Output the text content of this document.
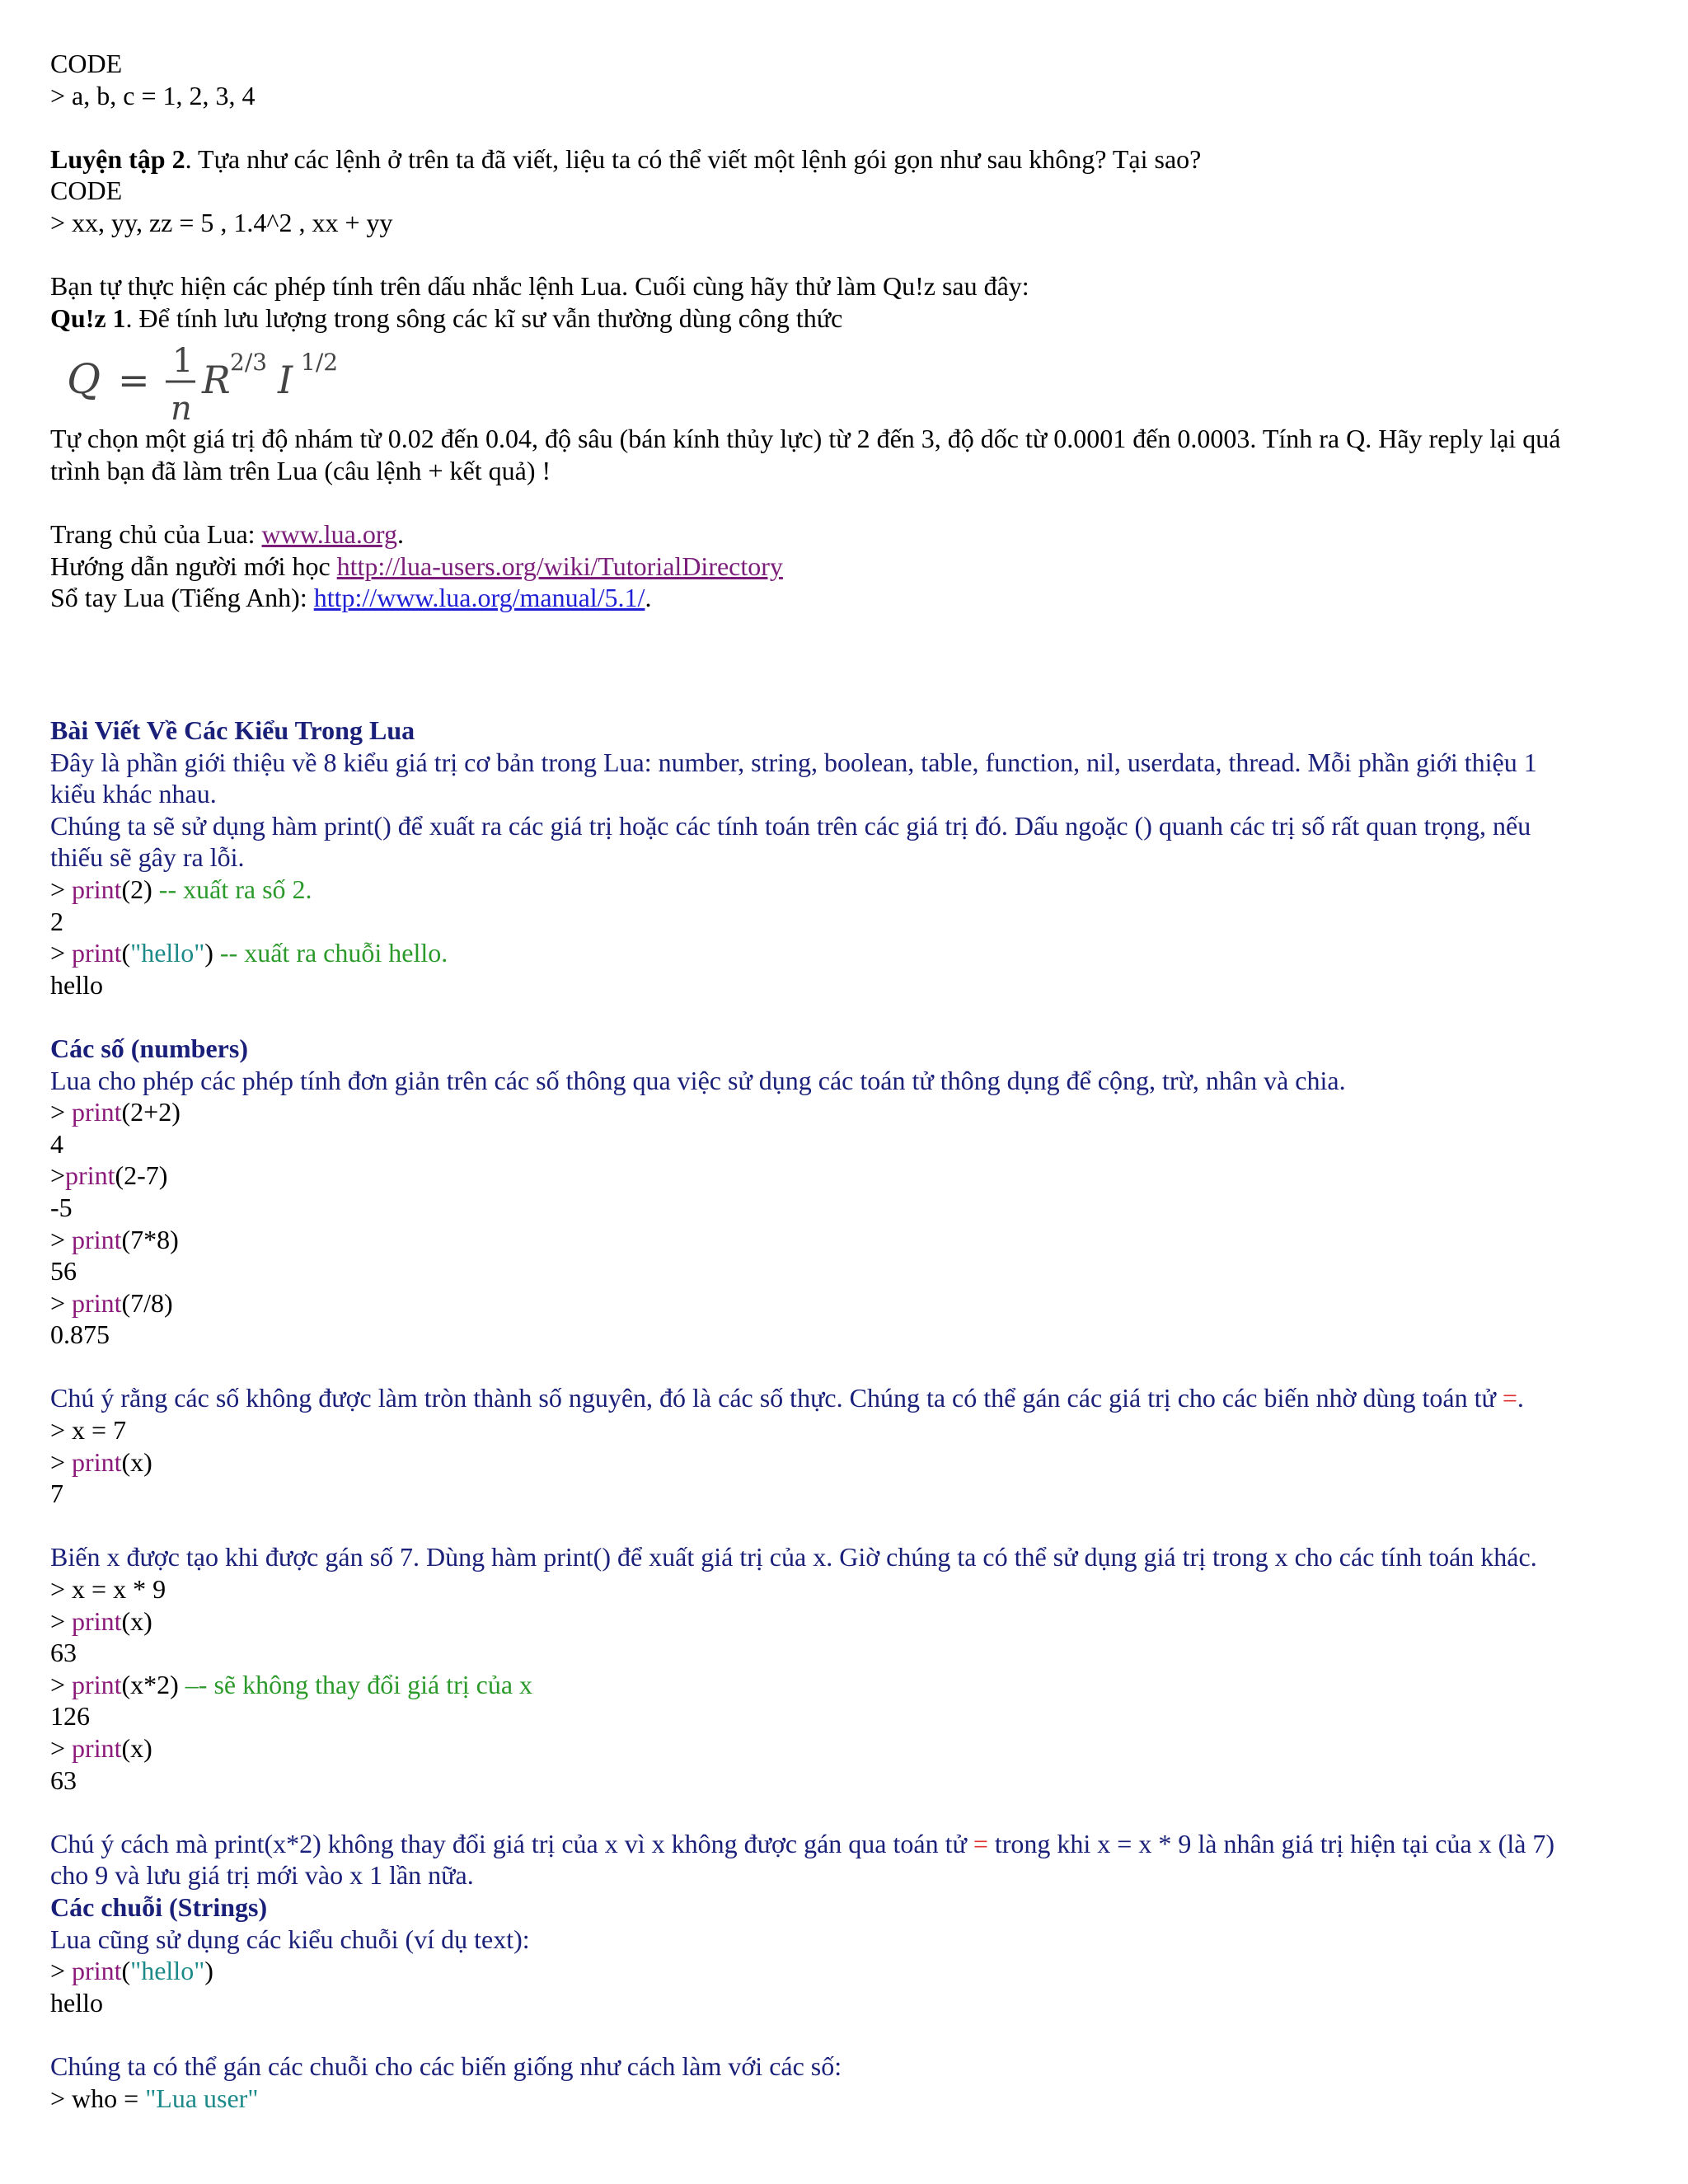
CODE
> a, b, c = 1, 2, 3, 4
Luyện tập 2. Tựa như các lệnh ở trên ta đã viết, liệu ta có thể viết một lệnh gói gọn như sau không? Tại sao?
CODE
> xx, yy, zz = 5 , 1.4^2 , xx + yy
Bạn tự thực hiện các phép tính trên dấu nhắc lệnh Lua. Cuối cùng hãy thử làm Qu!z sau đây:
Qu!z 1. Để tính lưu lượng trong sông các kĩ sư vẫn thường dùng công thức
Q = 1
n
R 2/3 I 1/2
Tự chọn một giá trị độ nhám từ 0.02 đến 0.04, độ sâu (bán kính thủy lực) từ 2 đến 3, độ dốc từ 0.0001 đến 0.0003. Tính ra Q. Hãy reply lại quá
trình bạn đã làm trên Lua (câu lệnh + kết quả) !
Trang chủ của Lua: www.lua.org.
Hướng dẫn người mới học http://lua-users.org/wiki/TutorialDirectory
Sổ tay Lua (Tiếng Anh): http://www.lua.org/manual/5.1/.
Bài Viết Về Các Kiểu Trong Lua
Đây là phần giới thiệu về 8 kiểu giá trị cơ bản trong Lua: number, string, boolean, table, function, nil, userdata, thread. Mỗi phần giới thiệu 1
kiểu khác nhau.
Chúng ta sẽ sử dụng hàm print() để xuất ra các giá trị hoặc các tính toán trên các giá trị đó. Dấu ngoặc () quanh các trị số rất quan trọng, nếu
thiếu sẽ gây ra lỗi.
> print(2) -- xuất ra số 2.
2
> print("hello") -- xuất ra chuỗi hello.
hello
Các số (numbers)
Lua cho phép các phép tính đơn giản trên các số thông qua việc sử dụng các toán tử thông dụng để cộng, trừ, nhân và chia.
> print(2+2)
4
>print(2-7)
-5
> print(7*8)
56
> print(7/8)
0.875
Chú ý rằng các số không được làm tròn thành số nguyên, đó là các số thực. Chúng ta có thể gán các giá trị cho các biến nhờ dùng toán tử =.
> x = 7
> print(x)
7
Biến x được tạo khi được gán số 7. Dùng hàm print() để xuất giá trị của x. Giờ chúng ta có thể sử dụng giá trị trong x cho các tính toán khác.
> x = x * 9
> print(x)
63
> print(x*2) –- sẽ không thay đổi giá trị của x
126
> print(x)
63
Chú ý cách mà print(x*2) không thay đổi giá trị của x vì x không được gán qua toán tử = trong khi x = x * 9 là nhân giá trị hiện tại của x (là 7)
cho 9 và lưu giá trị mới vào x 1 lần nữa.
Các chuỗi (Strings)
Lua cũng sử dụng các kiểu chuỗi (ví dụ text):
> print("hello")
hello
Chúng ta có thể gán các chuỗi cho các biến giống như cách làm với các số:
> who = "Lua user"
